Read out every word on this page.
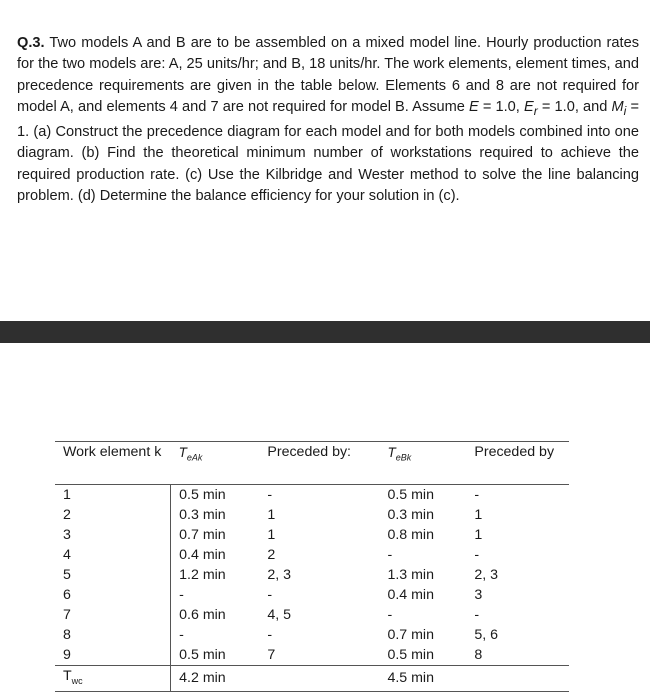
Q.3. Two models A and B are to be assembled on a mixed model line. Hourly production rates for the two models are: A, 25 units/hr; and B, 18 units/hr. The work elements, element times, and precedence requirements are given in the table below. Elements 6 and 8 are not required for model A, and elements 4 and 7 are not required for model B. Assume E = 1.0, $E_r = 1.0$, and $M_i = 1$. (a) Construct the precedence diagram for each model and for both models combined into one diagram. (b) Find the theoretical minimum number of workstations required to achieve the required production rate. (c) Use the Kilbridge and Wester method to solve the line balancing problem. (d) Determine the balance efficiency for your solution in (c).

Work element k	$T_{eAk}$	Preceded by:	$T_{eBk}$	Preceded by
1	0.5 min	-	0.5 min	-
2	0.3 min	1	0.3 min	1
3	0.7 min	1	0.8 min	1
4	0.4 min	2	-	-
5	1.2 min	2, 3	1.3 min	2, 3
6	-	-	0.4 min	3
7	0.6 min	4, 5	-	-
8	-	-	0.7 min	5, 6
9	0.5 min	7	0.5 min	8
$T_{wc}$	4.2 min		4.5 min	
